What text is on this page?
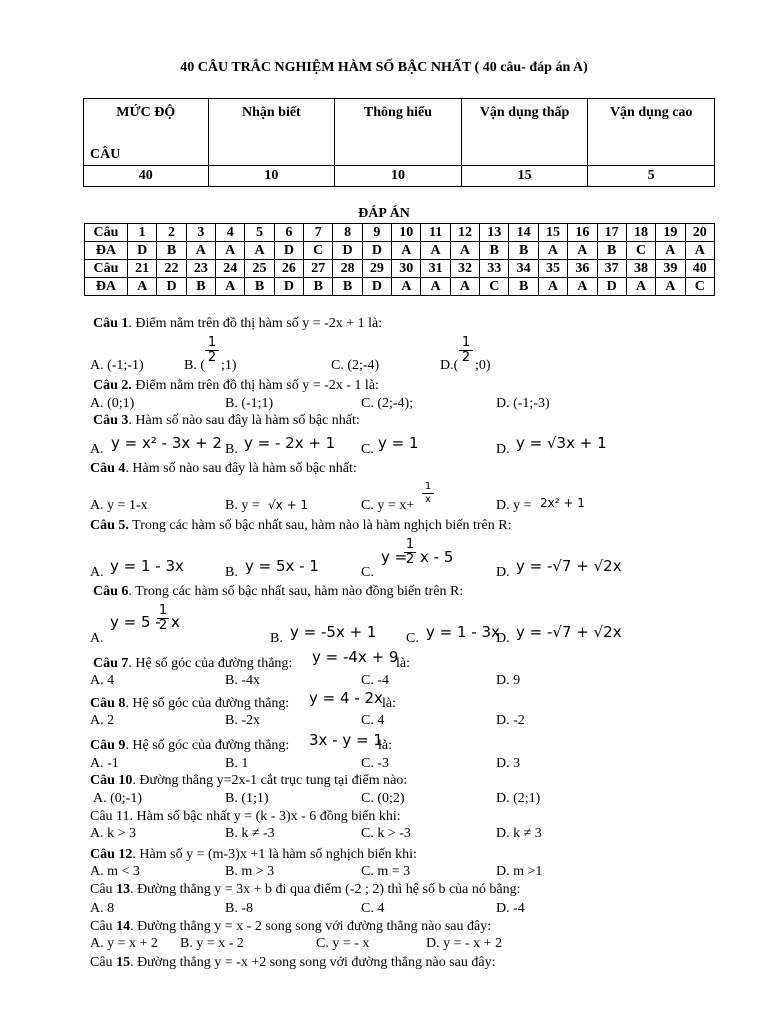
40 CÂU TRẮC NGHIỆM HÀM SỐ BẬC NHẤT ( 40 câu- đáp án A)
MỨC ĐỘ
CÂU	Nhận biết	Thông hiểu	Vận dụng thấp	Vận dụng cao

40	10	10	15	5
ĐÁP ÁN
Câu	1	2	3	4	5	6	7	8	9	10	11	12	13	14	15	16	17	18	19	20
ĐA	D	B	A	A	A	D	C	D	D	A	A	A	B	B	A	A	B	C	A	A
Câu	21	22	23	24	25	26	27	28	29	30	31	32	33	34	35	36	37	38	39	40
ĐA	A	D	B	A	B	D	B	B	D	A	A	A	C	B	A	A	D	A	A	C
Câu 1. Điểm nằm trên đồ thị hàm số y = -2x + 1 là:
A. (-1;-1)	B. (
$\frac{1}{2}$
;1)	C. (2;-4)	D.(
$\frac{1}{2}$
;0)
Câu 2. Điểm nằm trên đồ thị hàm số y = -2x - 1 là:
A. (0;1)	B. (-1;1)	C. (2;-4);	D. (-1;-3)
Câu 3. Hàm số nào sau đây là hàm số bậc nhất:
A. y = x² - 3x + 2 B. y = - 2x + 1 C. y = 1	D. y = √3x + 1
Câu 4. Hàm số nào sau đây là hàm số bậc nhất:
A. y = 1-x	B. y = √x + 1	C. $y = x+ \frac{1}{x}$	D. y = 2x² + 1
Câu 5. Trong các hàm số bậc nhất sau, hàm nào là hàm nghịch biến trên R:
A. y = 1 - 3x	B. y = 5x - 1	C.
y =
$\frac{1}{2}$ x - 5
D. y = -√7 + √2x
Câu 6. Trong các hàm số bậc nhất sau, hàm nào đồng biến trên R:
A.
y = 5 -
$\frac{1}{2}$ x
B. y = -5x + 1 C. y = 1 - 3x
D. y = -√7 + √2x
Câu 7. Hệ số góc của đường thẳng: y = -4x + 9
là:
A. 4	B. -4x	C. -4	D. 9
Câu 8. Hệ số góc của đường thẳng: y = 4 - 2x là:
A. 2	B. -2x	C. 4	D. -2
Câu 9. Hệ số góc của đường thẳng: 3x - y = 1
là:
A. -1	B. 1	C. -3	D. 3
Câu 10. Đường thẳng y=2x-1 cắt trục tung tại điểm nào:
A. (0;-1)	B. (1;1)	C. (0;2)	D. (2;1)
Câu 11. Hàm số bậc nhất y = (k - 3)x - 6 đồng biến khi:
A. k > 3	B. k ≠ -3	C. k > -3	D. k ≠ 3
Câu 12. Hàm số y = (m-3)x +1 là hàm số nghịch biến khi:
A. m < 3	B. m > 3	C. m = 3	D. m >1
Câu 13. Đường thẳng y = 3x + b đi qua điểm (-2 ; 2) thì hệ số b của nó bằng:
A. 8	B. -8	C. 4	D. -4
Câu 14. Đường thẳng y = x - 2 song song với đường thẳng nào sau đây:
A. y = x + 2 B. y = x - 2	C. y = - x	D. y = - x + 2
Câu 15. Đường thẳng y = -x +2 song song với đường thẳng nào sau đây:
